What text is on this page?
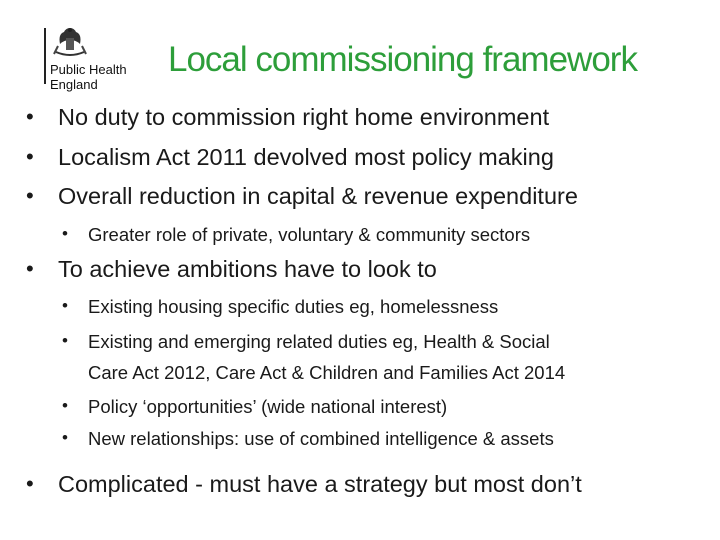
Public Health
England
Local commissioning framework
• No duty to commission right home environment
• Localism Act 2011 devolved most policy making
• Overall reduction in capital & revenue expenditure
• Greater role of private, voluntary & community sectors
• To achieve ambitions have to look to
• Existing housing specific duties eg, homelessness
• Existing and emerging related duties eg, Health & Social
Care Act 2012, Care Act & Children and Families Act 2014
• Policy ‘opportunities’ (wide national interest)
• New relationships: use of combined intelligence & assets
• Complicated - must have a strategy but most don’t
